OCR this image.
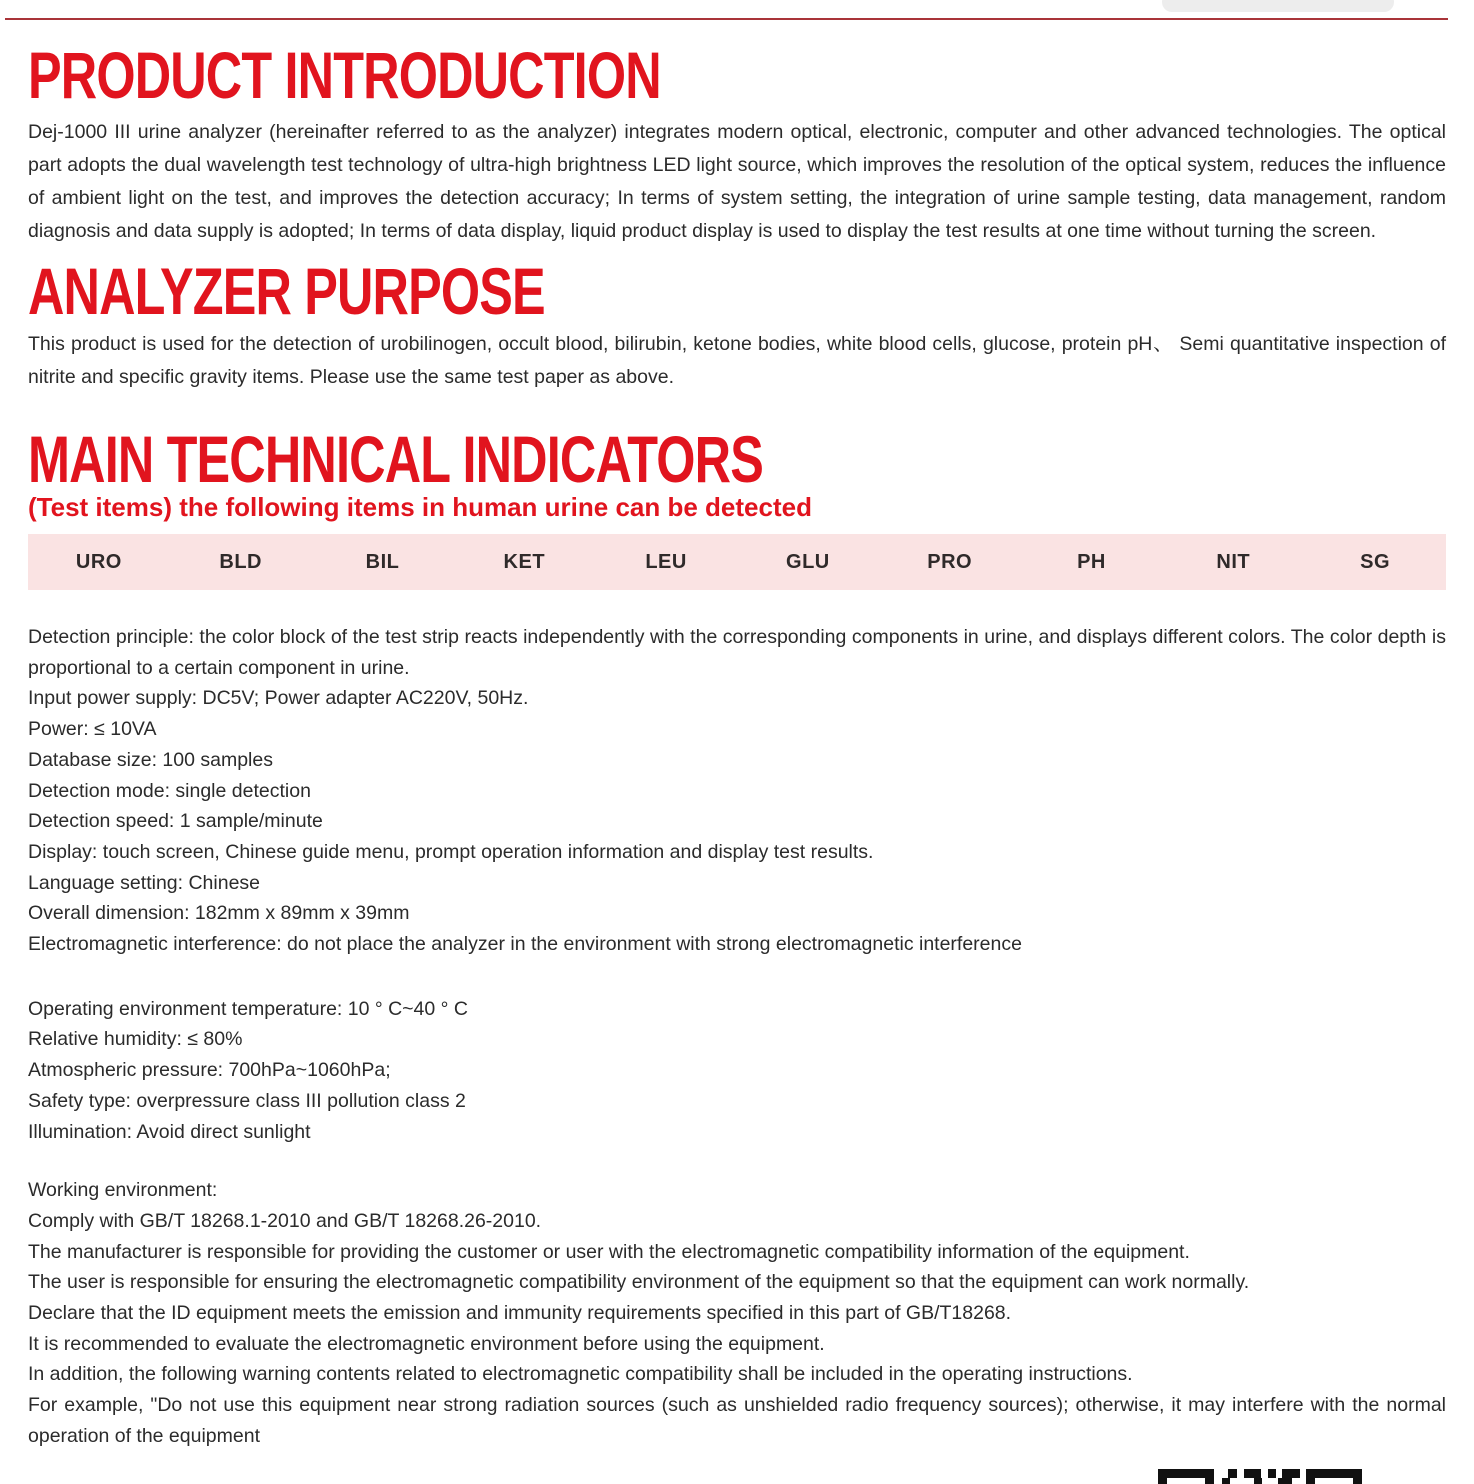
PRODUCT INTRODUCTION

Dej-1000 III urine analyzer (hereinafter referred to as the analyzer) integrates modern optical, electronic, computer and other advanced technologies. The optical part adopts the dual wavelength test technology of ultra-high brightness LED light source, which improves the resolution of the optical system, reduces the influence of ambient light on the test, and improves the detection accuracy; In terms of system setting, the integration of urine sample testing, data management, random diagnosis and data supply is adopted; In terms of data display, liquid product display is used to display the test results at one time without turning the screen.

ANALYZER PURPOSE

This product is used for the detection of urobilinogen, occult blood, bilirubin, ketone bodies, white blood cells, glucose, protein pH、 Semi quantitative inspection of nitrite and specific gravity items. Please use the same test paper as above.

MAIN TECHNICAL INDICATORS

(Test items) the following items in human urine can be detected

URO	BLD	BIL	KET	LEU	GLU	PRO	PH	NIT	SG

Detection principle: the color block of the test strip reacts independently with the corresponding components in urine, and displays different colors. The color depth is proportional to a certain component in urine.

Input power supply: DC5V; Power adapter AC220V, 50Hz.

Power: ≤ 10VA

Database size: 100 samples

Detection mode: single detection

Detection speed: 1 sample/minute

Display: touch screen, Chinese guide menu, prompt operation information and display test results.

Language setting: Chinese

Overall dimension: 182mm x 89mm x 39mm

Electromagnetic interference: do not place the analyzer in the environment with strong electromagnetic interference

Operating environment temperature: 10 ° C~40 ° C

Relative humidity: ≤ 80%

Atmospheric pressure: 700hPa~1060hPa;

Safety type: overpressure class III pollution class 2

Illumination: Avoid direct sunlight

Working environment:

Comply with GB/T 18268.1-2010 and GB/T 18268.26-2010.

The manufacturer is responsible for providing the customer or user with the electromagnetic compatibility information of the equipment.

The user is responsible for ensuring the electromagnetic compatibility environment of the equipment so that the equipment can work normally.

Declare that the ID equipment meets the emission and immunity requirements specified in this part of GB/T18268.

It is recommended to evaluate the electromagnetic environment before using the equipment.

In addition, the following warning contents related to electromagnetic compatibility shall be included in the operating instructions.

For example, "Do not use this equipment near strong radiation sources (such as unshielded radio frequency sources); otherwise, it may interfere with the normal operation of the equipment
